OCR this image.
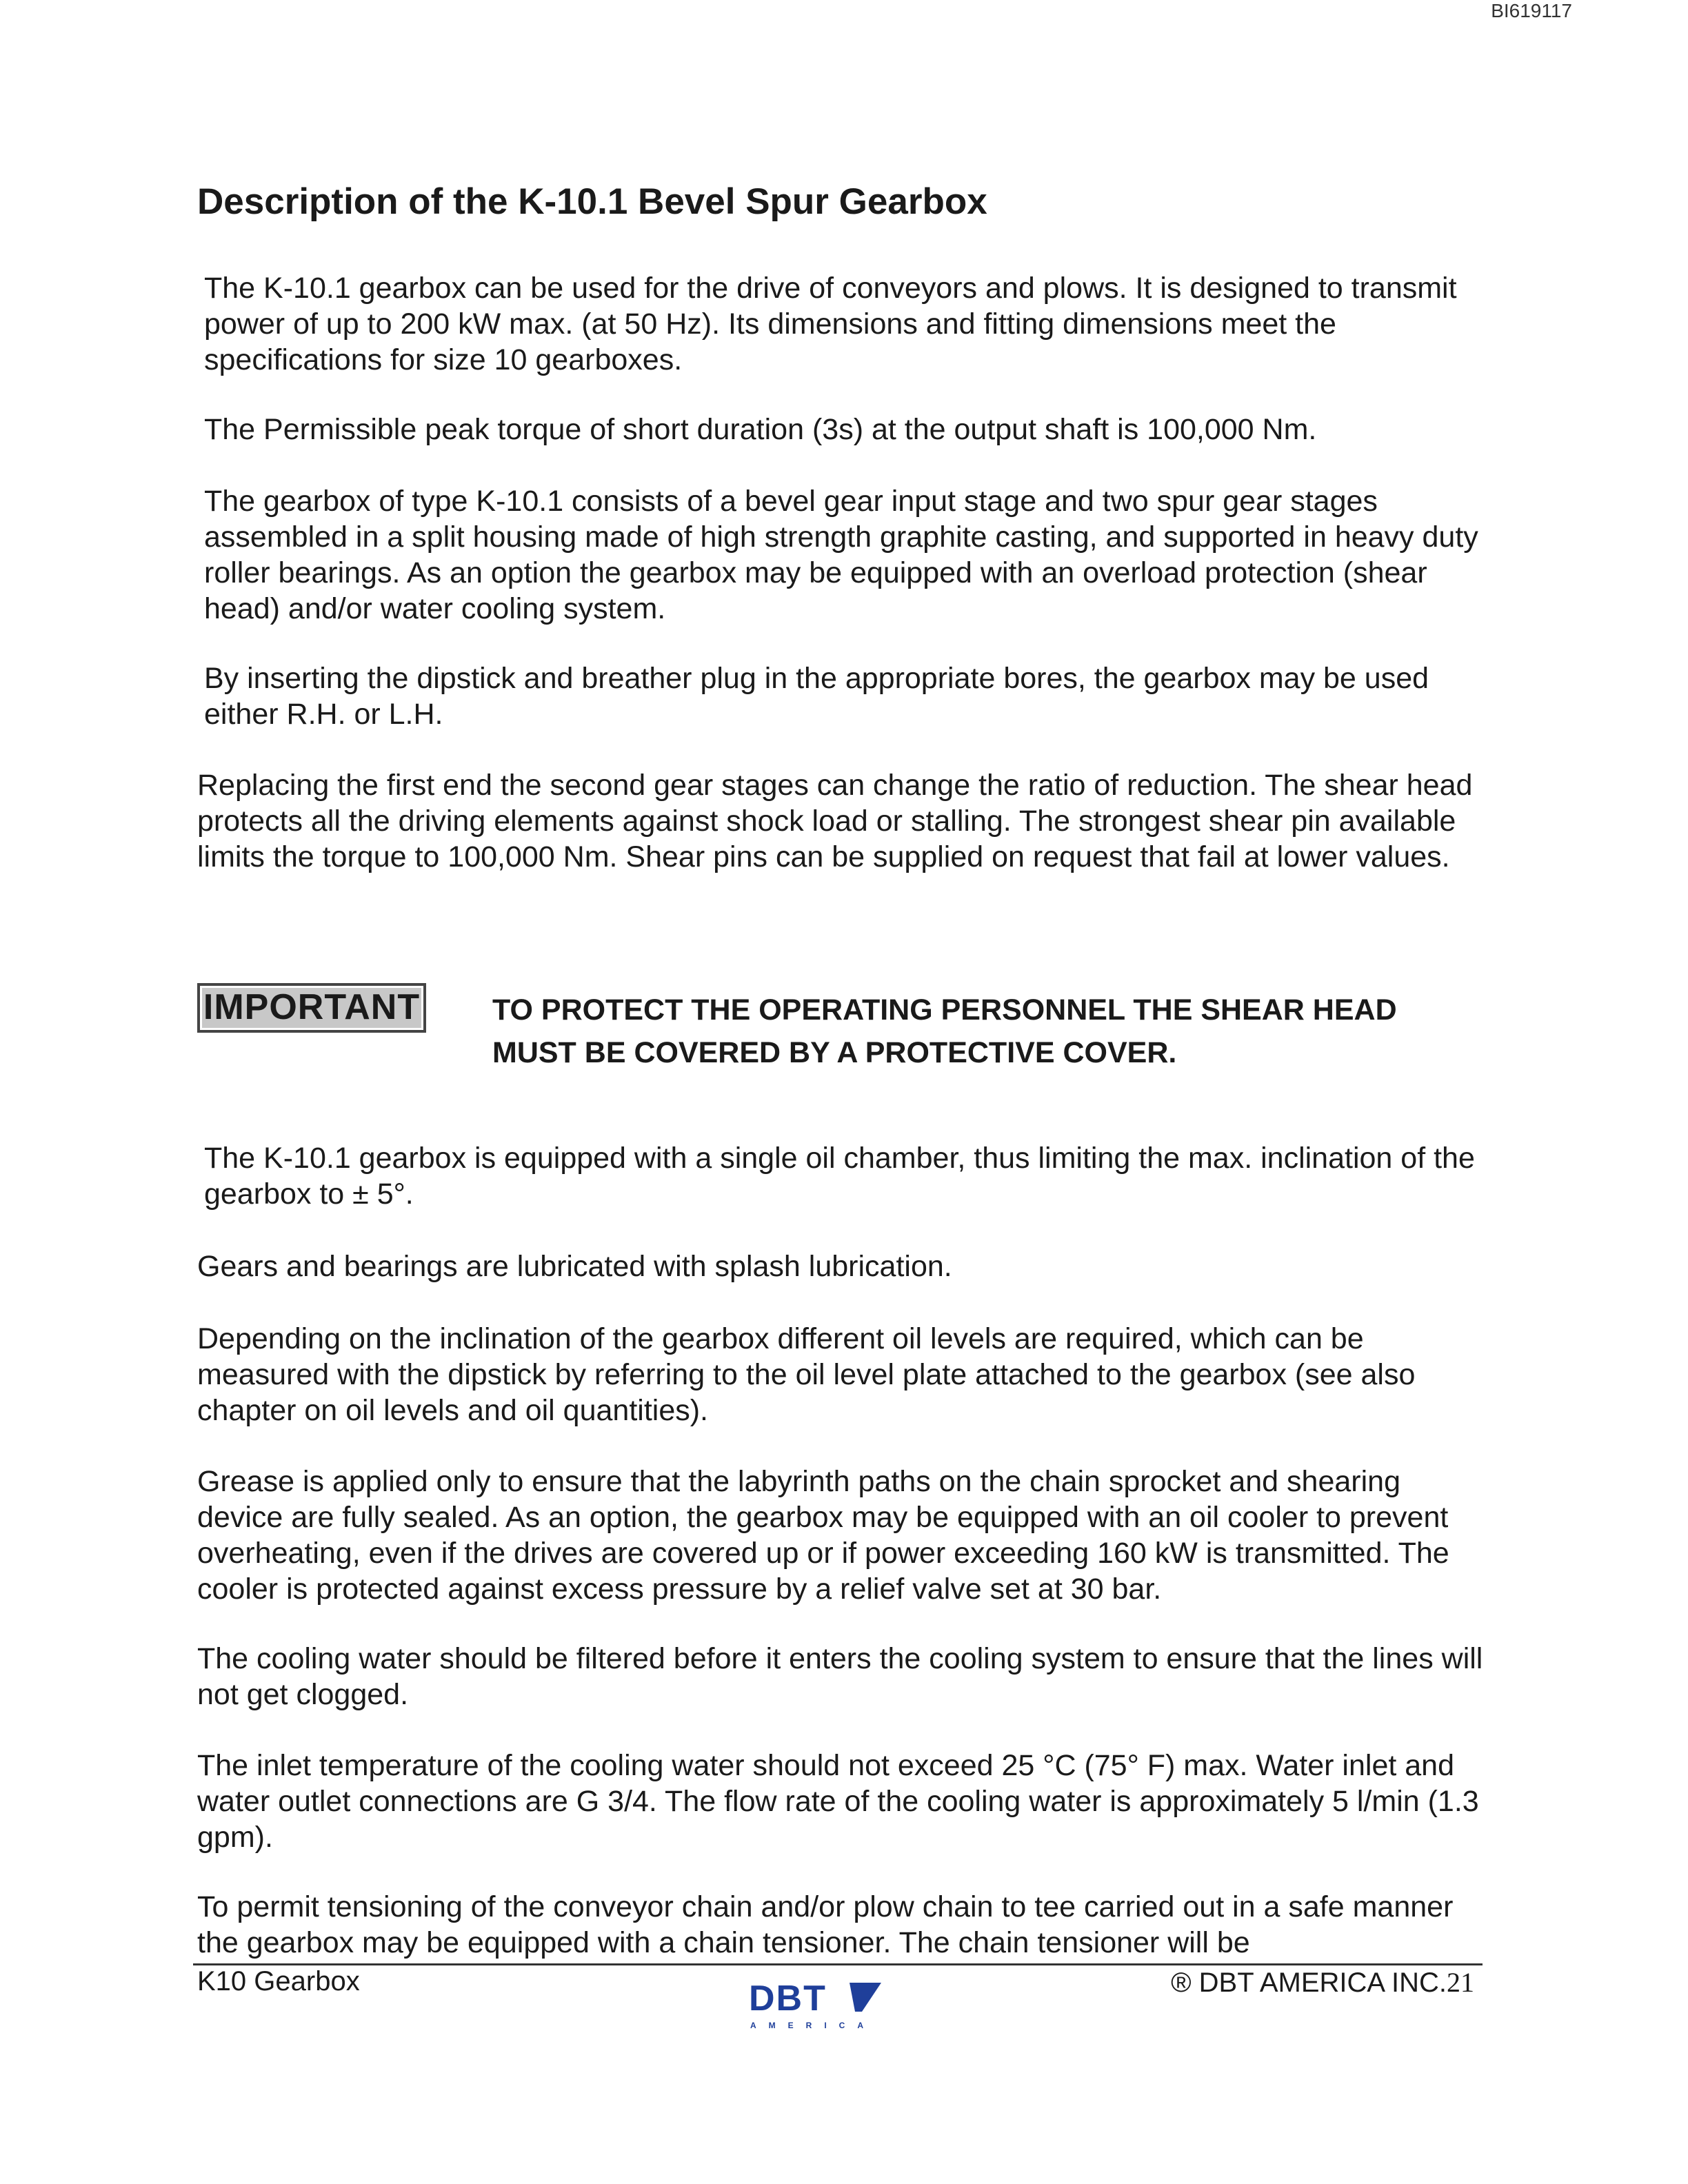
BI619117
Description of the K-10.1 Bevel Spur Gearbox

The K-10.1 gearbox can be used for the drive of conveyors and plows. It is designed to transmit power of up to 200 kW max. (at 50 Hz). Its dimensions and fitting dimensions meet the specifications for size 10 gearboxes.

The Permissible peak torque of short duration (3s) at the output shaft is 100,000 Nm.

The gearbox of type K-10.1 consists of a bevel gear input stage and two spur gear stages assembled in a split housing made of high strength graphite casting, and supported in heavy duty roller bearings. As an option the gearbox may be equipped with an overload protection (shear head) and/or water cooling system.

By inserting the dipstick and breather plug in the appropriate bores, the gearbox may be used either R.H. or L.H.

Replacing the first end the second gear stages can change the ratio of reduction. The shear head protects all the driving elements against shock load or stalling. The strongest shear pin available limits the torque to 100,000 Nm. Shear pins can be supplied on request that fail at lower values.

IMPORTANT TO PROTECT THE OPERATING PERSONNEL THE SHEAR HEAD
MUST BE COVERED BY A PROTECTIVE COVER.

The K-10.1 gearbox is equipped with a single oil chamber, thus limiting the max. inclination of the gearbox to ± 5°.

Gears and bearings are lubricated with splash lubrication.

Depending on the inclination of the gearbox different oil levels are required, which can be measured with the dipstick by referring to the oil level plate attached to the gearbox (see also chapter on oil levels and oil quantities).

Grease is applied only to ensure that the labyrinth paths on the chain sprocket and shearing device are fully sealed. As an option, the gearbox may be equipped with an oil cooler to prevent overheating, even if the drives are covered up or if power exceeding 160 kW is transmitted. The cooler is protected against excess pressure by a relief valve set at 30 bar.

The cooling water should be filtered before it enters the cooling system to ensure that the lines will not get clogged.

The inlet temperature of the cooling water should not exceed 25 °C (75° F) max. Water inlet and water outlet connections are G 3/4. The flow rate of the cooling water is approximately 5 l/min (1.3 gpm).

To permit tensioning of the conveyor chain and/or plow chain to tee carried out in a safe manner the gearbox may be equipped with a chain tensioner. The chain tensioner will be

K10 Gearbox	DBT
AMERICA
® DBT AMERICA INC.21
